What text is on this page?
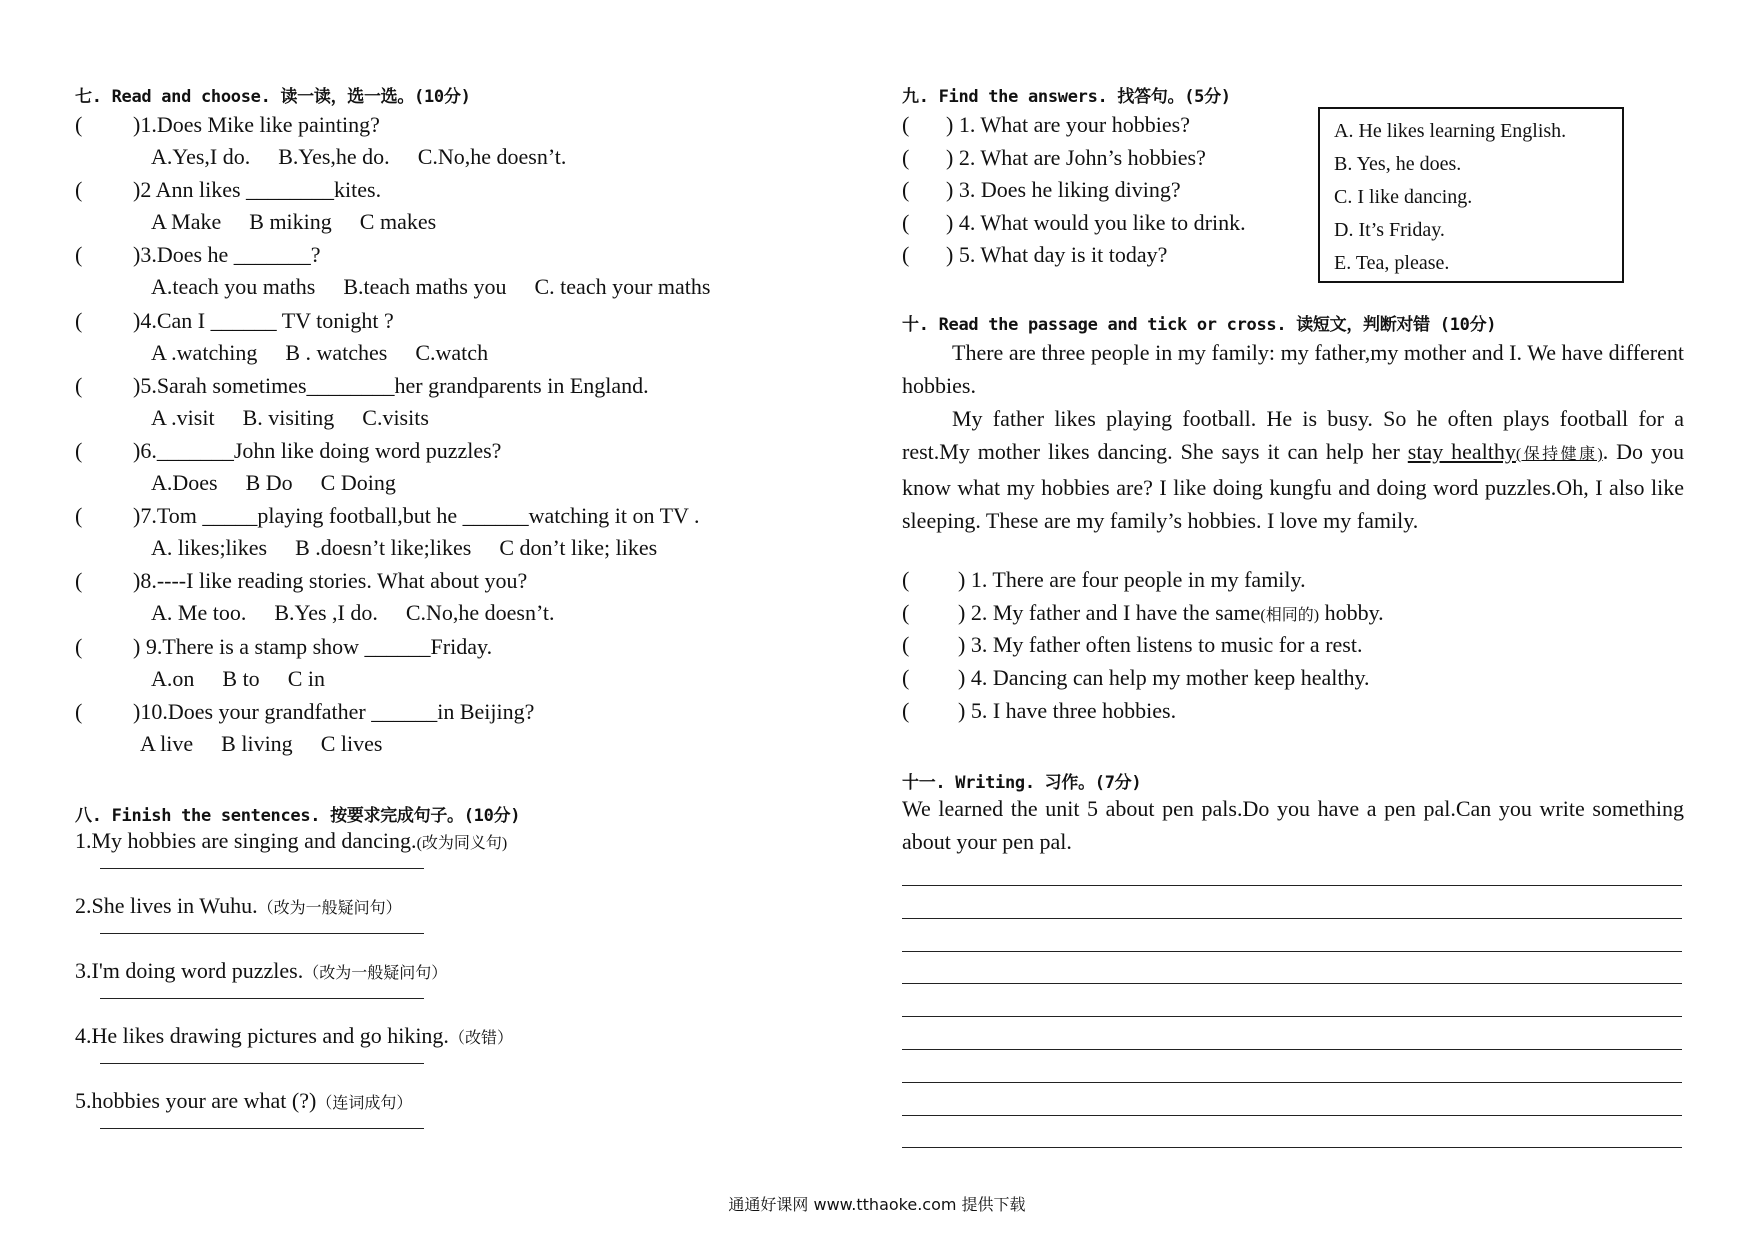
七. Read and choose. 读一读，选一选。(10分)
( )1.Does Mike like painting?
A.Yes,I do. B.Yes,he do. C.No,he doesn’t.
( )2 Ann likes ________kites.
A Make B miking C makes
( )3.Does he _______?
A.teach you maths B.teach maths you C. teach your maths
( )4.Can I ______ TV tonight ?
A .watching B . watches C.watch
( )5.Sarah sometimes________her grandparents in England.
A .visit B. visiting C.visits
( )6._______John like doing word puzzles?
A.Does B Do C Doing
( )7.Tom _____playing football,but he ______watching it on TV .
A. likes;likes B .doesn’t like;likes C don’t like; likes
( )8.----I like reading stories. What about you?
A. Me too. B.Yes ,I do. C.No,he doesn’t.
( ) 9.There is a stamp show ______Friday.
A.on B to C in
( )10.Does your grandfather ______in Beijing?
A live B living C lives
八. Finish the sentences. 按要求完成句子。(10分)
1.My hobbies are singing and dancing.(改为同义句)
2.She lives in Wuhu.（改为一般疑问句）
3.I'm doing word puzzles.（改为一般疑问句）
4.He likes drawing pictures and go hiking.（改错）
5.hobbies your are what (?)（连词成句）
九. Find the answers. 找答句。(5分)
( ) 1. What are your hobbies?
( ) 2. What are John’s hobbies?
( ) 3. Does he liking diving?
( ) 4. What would you like to drink.
( ) 5. What day is it today?
A. He likes learning English.
B. Yes, he does.
C. I like dancing.
D. It’s Friday.
E. Tea, please.
十. Read the passage and tick or cross. 读短文，判断对错 (10分)
There are three people in my family: my father,my mother and I. We have different hobbies.
My father likes playing football. He is busy. So he often plays football for a rest.My mother likes dancing. She says it can help her stay healthy(保持健康). Do you know what my hobbies are? I like doing kungfu and doing word puzzles.Oh, I also like sleeping. These are my family’s hobbies. I love my family.
( ) 1. There are four people in my family.
( ) 2. My father and I have the same(相同的) hobby.
( ) 3. My father often listens to music for a rest.
( ) 4. Dancing can help my mother keep healthy.
( ) 5. I have three hobbies.
十一. Writing. 习作。(7分)
We learned the unit 5 about pen pals.Do you have a pen pal.Can you write something about your pen pal.
通通好课网 www.tthaoke.com 提供下载
